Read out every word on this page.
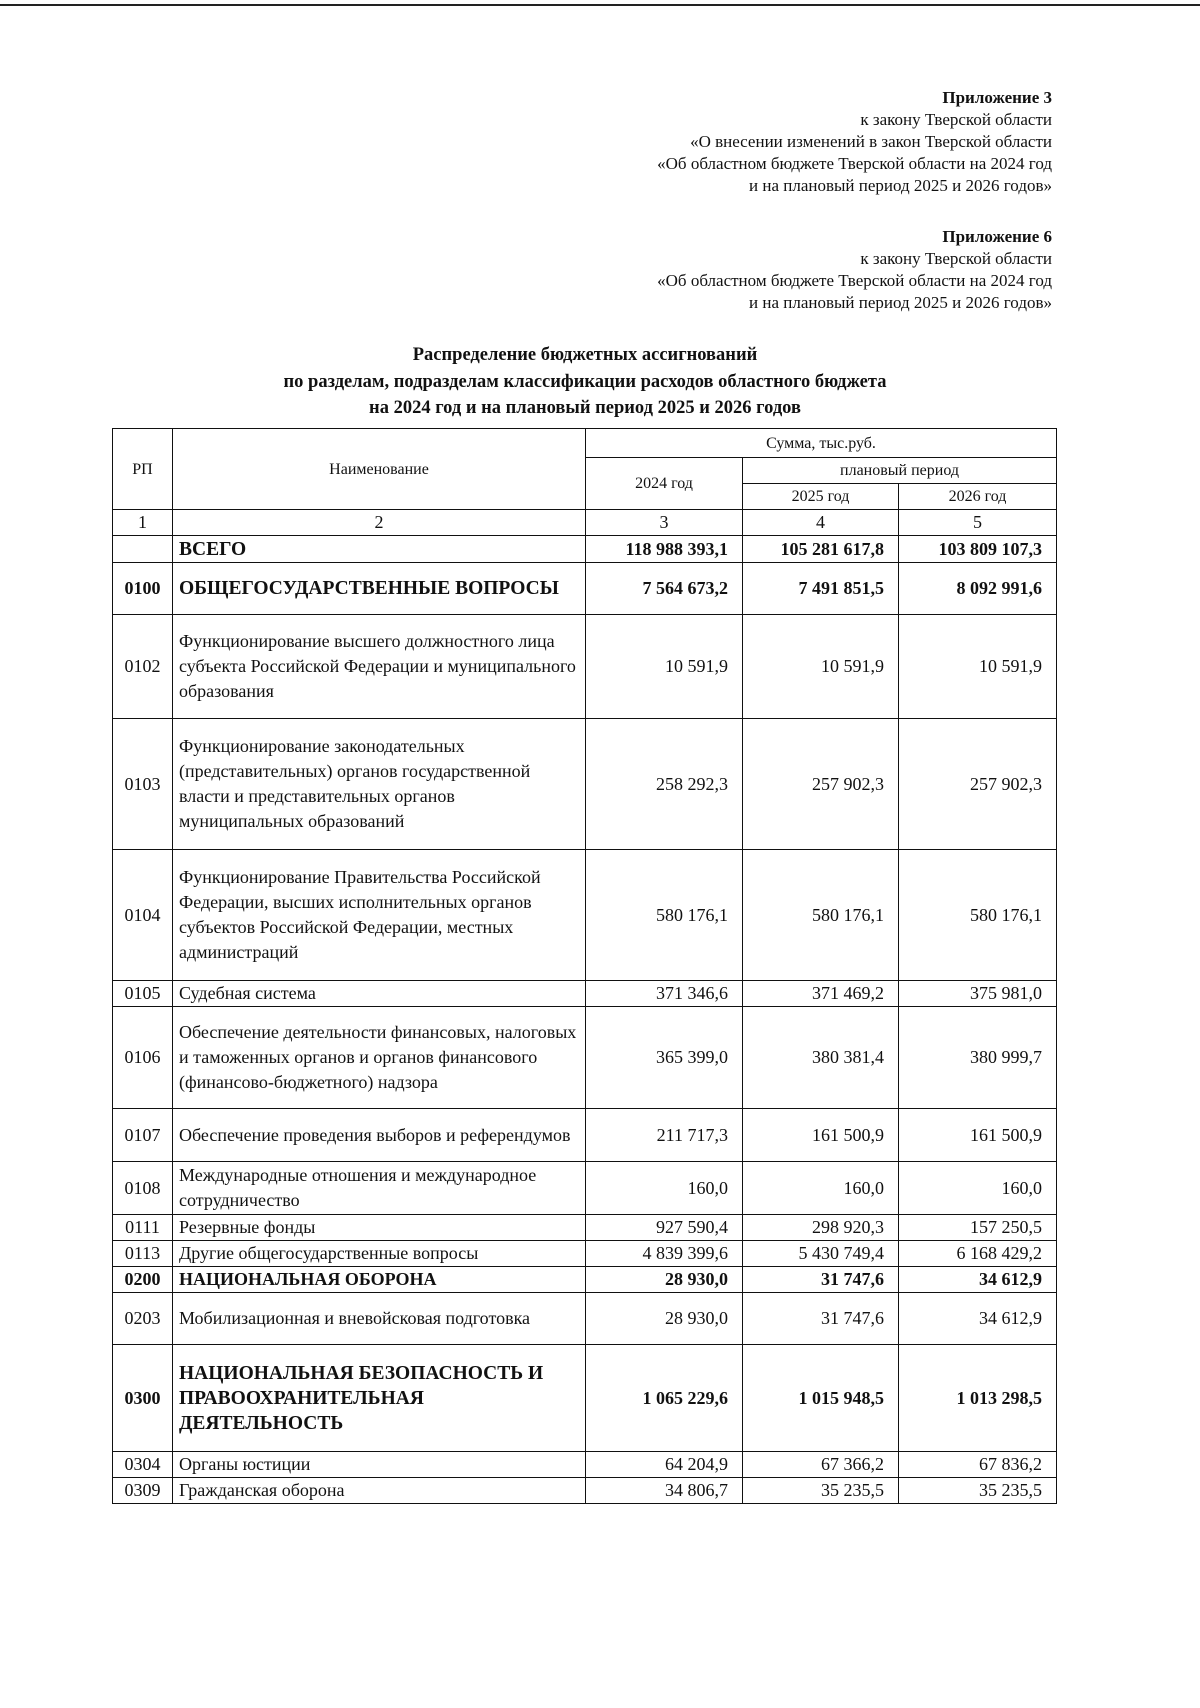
Приложение 3
к закону Тверской области
«О внесении изменений в закон Тверской области
«Об областном бюджете Тверской области на 2024 год
и на плановый период 2025 и 2026 годов»
Приложение 6
к закону Тверской области
«Об областном бюджете Тверской области на 2024 год
и на плановый период 2025 и 2026 годов»
Распределение бюджетных ассигнований
по разделам, подразделам классификации расходов областного бюджета
на 2024 год и на плановый период 2025 и 2026 годов
РП	Наименование	Сумма, тыс.руб.		
		2024 год	плановый период	
			2025 год	2026 год
1	2	3	4	5
	ВСЕГО	118 988 393,1	105 281 617,8	103 809 107,3
0100	ОБЩЕГОСУДАРСТВЕННЫЕ ВОПРОСЫ	7 564 673,2	7 491 851,5	8 092 991,6
0102	Функционирование высшего должностного лица субъекта Российской Федерации и муниципального образования	10 591,9	10 591,9	10 591,9
0103	Функционирование законодательных (представительных) органов государственной власти и представительных органов муниципальных образований	258 292,3	257 902,3	257 902,3
0104	Функционирование Правительства Российской Федерации, высших исполнительных органов субъектов Российской Федерации, местных администраций	580 176,1	580 176,1	580 176,1
0105	Судебная система	371 346,6	371 469,2	375 981,0
0106	Обеспечение деятельности финансовых, налоговых и таможенных органов и органов финансового (финансово-бюджетного) надзора	365 399,0	380 381,4	380 999,7
0107	Обеспечение проведения выборов и референдумов	211 717,3	161 500,9	161 500,9
0108	Международные отношения и международное сотрудничество	160,0	160,0	160,0
0111	Резервные фонды	927 590,4	298 920,3	157 250,5
0113	Другие общегосударственные вопросы	4 839 399,6	5 430 749,4	6 168 429,2
0200	НАЦИОНАЛЬНАЯ ОБОРОНА	28 930,0	31 747,6	34 612,9
0203	Мобилизационная и вневойсковая подготовка	28 930,0	31 747,6	34 612,9
0300	НАЦИОНАЛЬНАЯ БЕЗОПАСНОСТЬ И ПРАВООХРАНИТЕЛЬНАЯ ДЕЯТЕЛЬНОСТЬ	1 065 229,6	1 015 948,5	1 013 298,5
0304	Органы юстиции	64 204,9	67 366,2	67 836,2
0309	Гражданская оборона	34 806,7	35 235,5	35 235,5
